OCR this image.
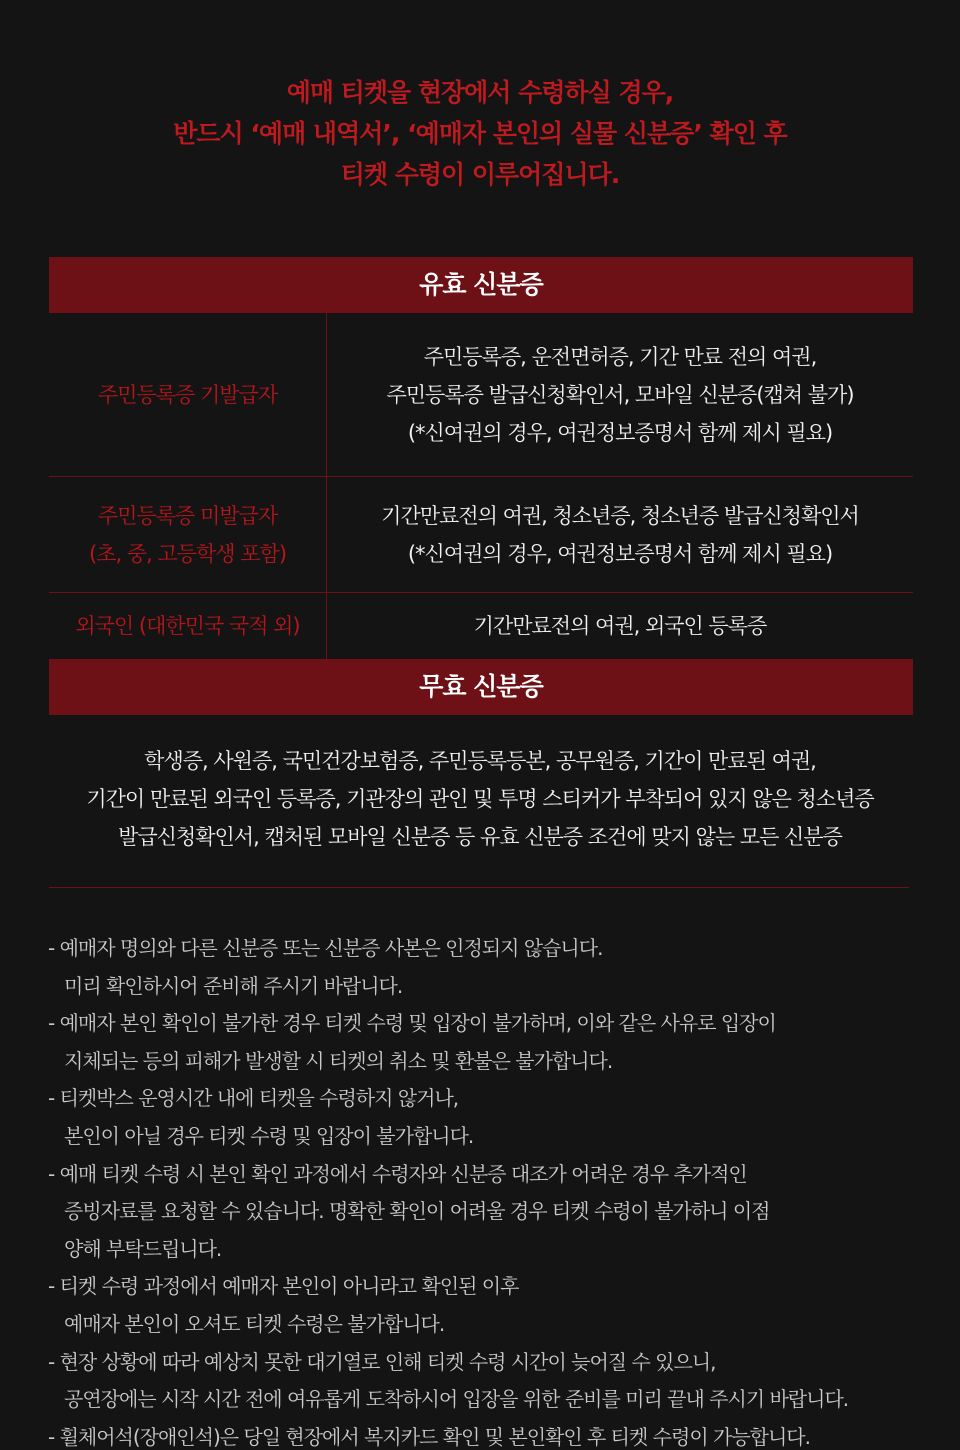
예매 티켓을 현장에서 수령하실 경우,
반드시 ‘예매 내역서’, ‘예매자 본인의 실물 신분증’ 확인 후
티켓 수령이 이루어집니다.
유효 신분증
주민등록증 기발급자
주민등록증, 운전면허증, 기간 만료 전의 여권,
주민등록증 발급신청확인서, 모바일 신분증(캡쳐 불가)
(*신여권의 경우, 여권정보증명서 함께 제시 필요)
주민등록증 미발급자
(초, 중, 고등학생 포함)
기간만료전의 여권, 청소년증, 청소년증 발급신청확인서
(*신여권의 경우, 여권정보증명서 함께 제시 필요)
외국인 (대한민국 국적 외)	기간만료전의 여권, 외국인 등록증
무효 신분증
학생증, 사원증, 국민건강보험증, 주민등록등본, 공무원증, 기간이 만료된 여권,
기간이 만료된 외국인 등록증, 기관장의 관인 및 투명 스티커가 부착되어 있지 않은 청소년증
발급신청확인서, 캡처된 모바일 신분증 등 유효 신분증 조건에 맞지 않는 모든 신분증
- 예매자 명의와 다른 신분증 또는 신분증 사본은 인정되지 않습니다.
미리 확인하시어 준비해 주시기 바랍니다.
- 예매자 본인 확인이 불가한 경우 티켓 수령 및 입장이 불가하며, 이와 같은 사유로 입장이
지체되는 등의 피해가 발생할 시 티켓의 취소 및 환불은 불가합니다.
- 티켓박스 운영시간 내에 티켓을 수령하지 않거나,
본인이 아닐 경우 티켓 수령 및 입장이 불가합니다.
- 예매 티켓 수령 시 본인 확인 과정에서 수령자와 신분증 대조가 어려운 경우 추가적인
증빙자료를 요청할 수 있습니다. 명확한 확인이 어려울 경우 티켓 수령이 불가하니 이점
양해 부탁드립니다.
- 티켓 수령 과정에서 예매자 본인이 아니라고 확인된 이후
예매자 본인이 오셔도 티켓 수령은 불가합니다.
- 현장 상황에 따라 예상치 못한 대기열로 인해 티켓 수령 시간이 늦어질 수 있으니,
공연장에는 시작 시간 전에 여유롭게 도착하시어 입장을 위한 준비를 미리 끝내 주시기 바랍니다.
- 휠체어석(장애인석)은 당일 현장에서 복지카드 확인 및 본인확인 후 티켓 수령이 가능합니다.
